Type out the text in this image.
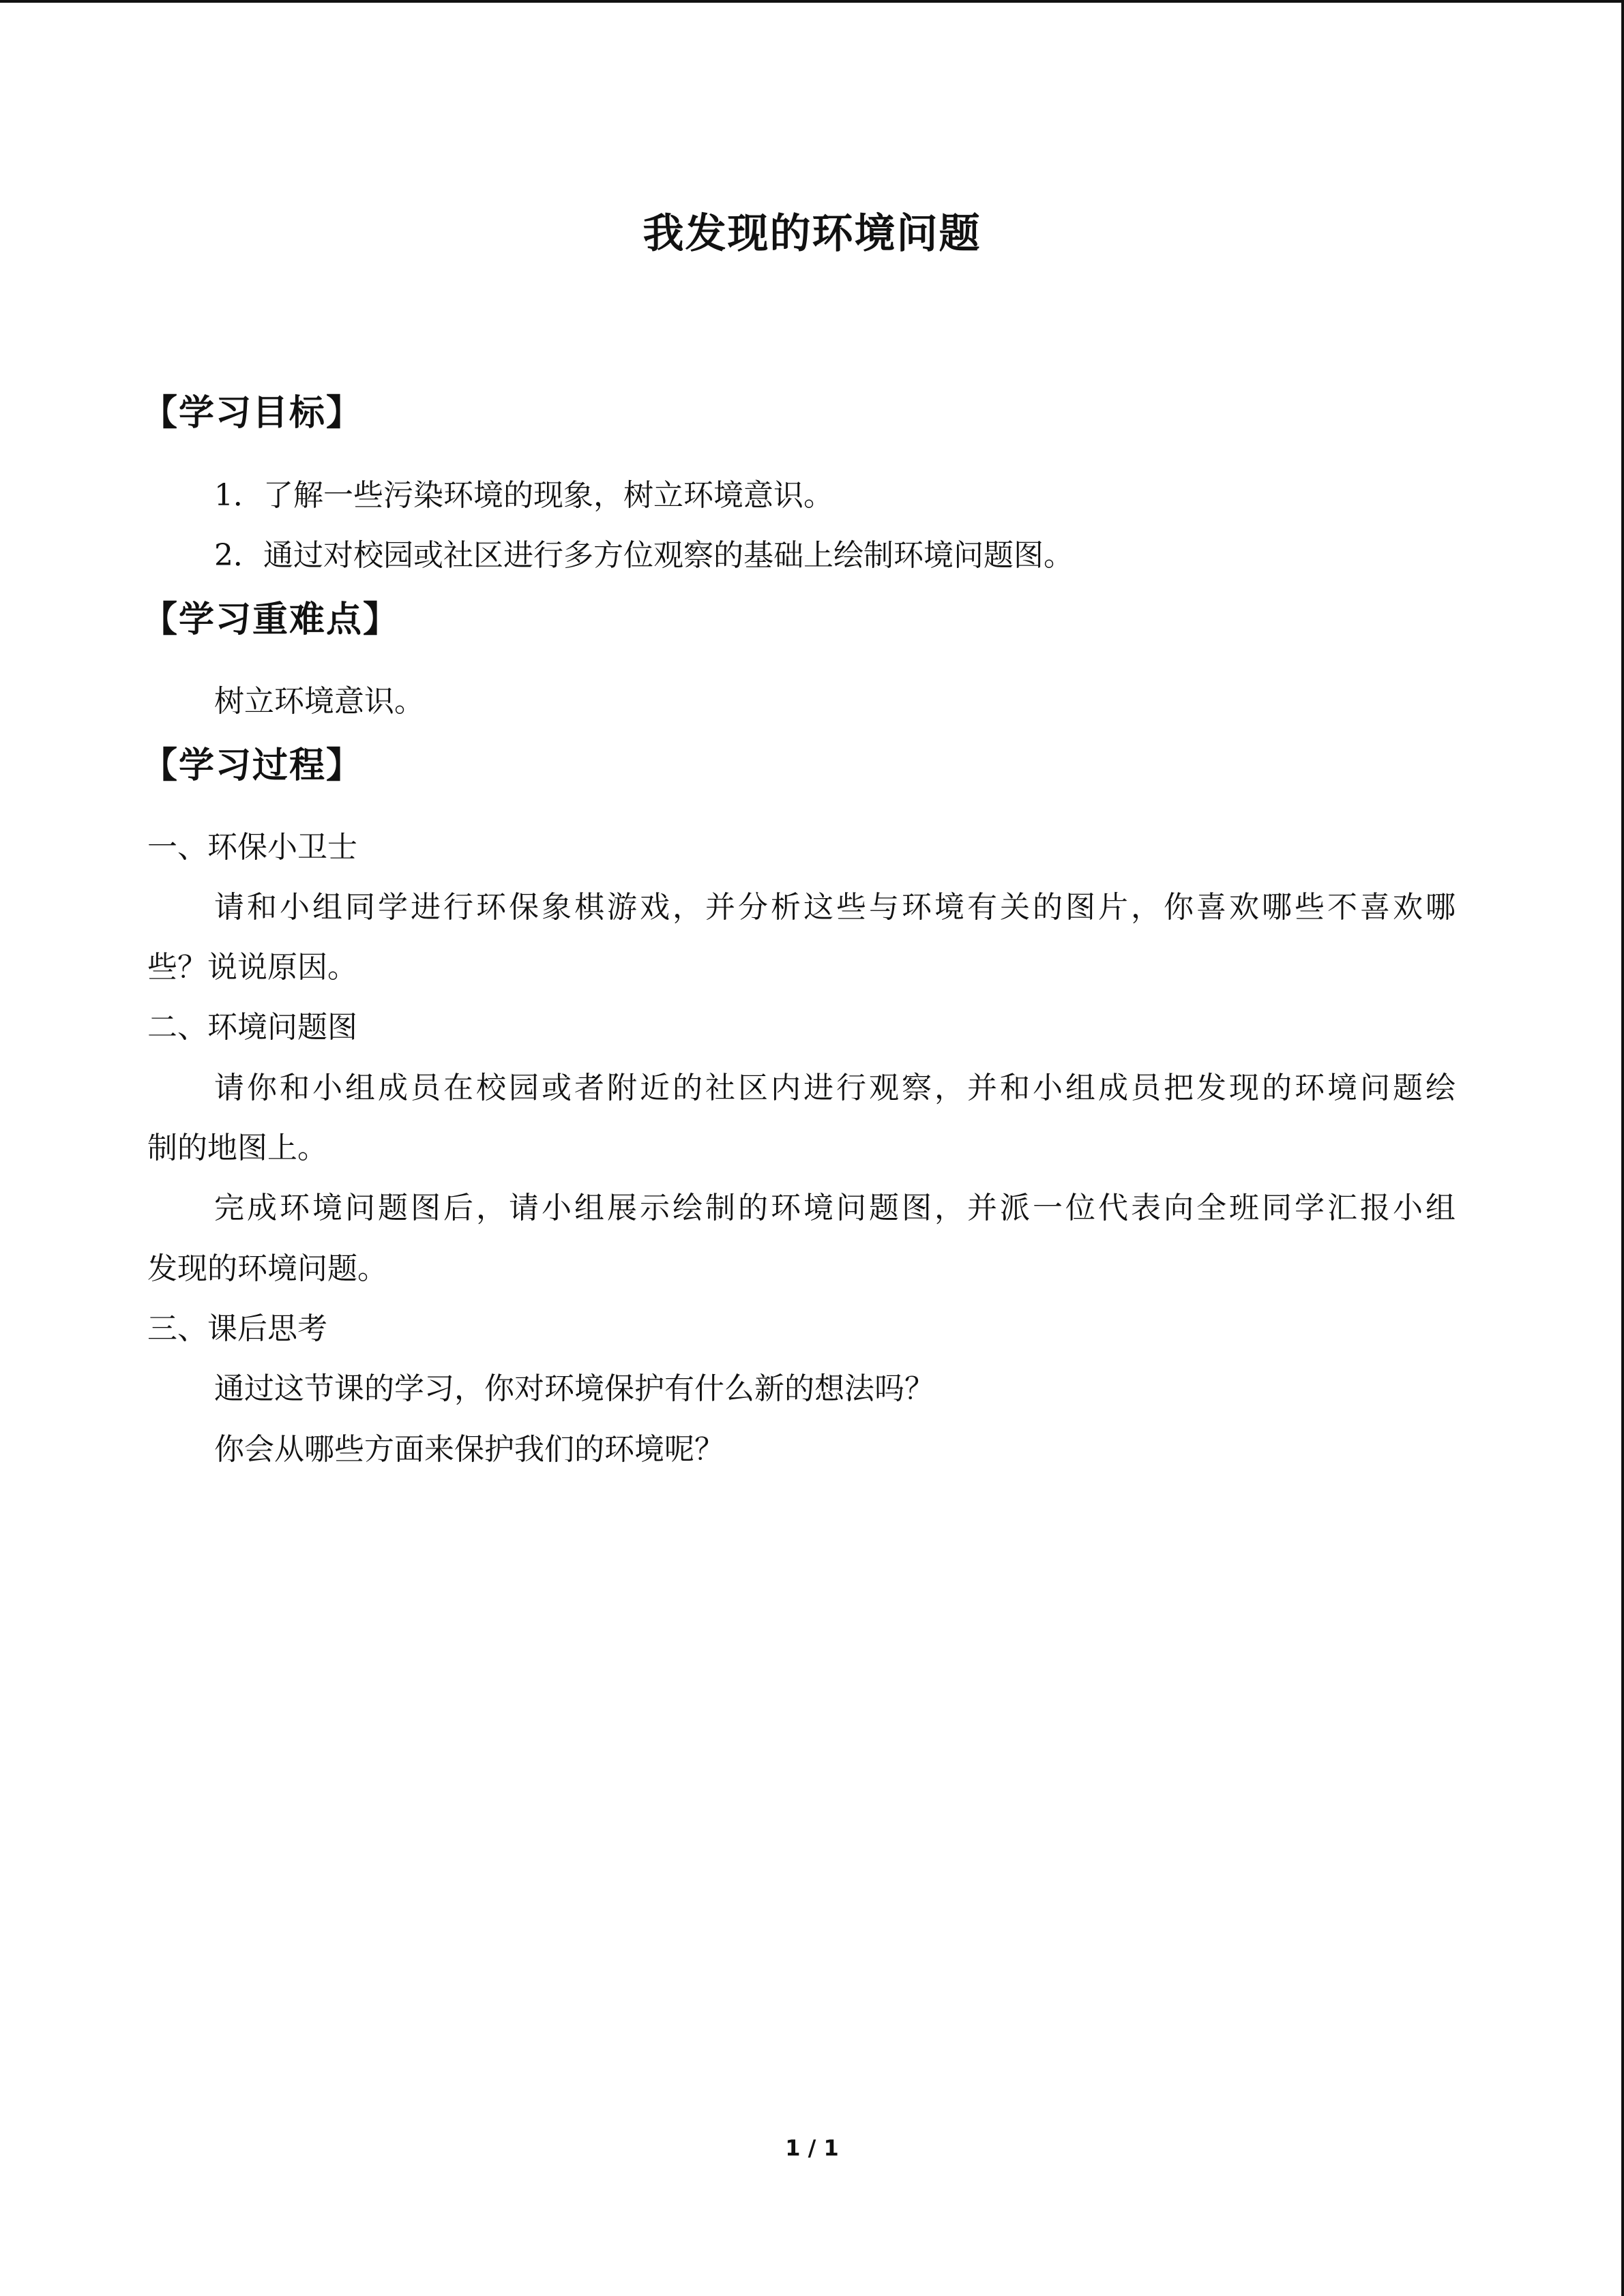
我发现的环境问题
【学习目标】
1．了解一些污染环境的现象，树立环境意识。
2．通过对校园或社区进行多方位观察的基础上绘制环境问题图。
【学习重难点】
树立环境意识。
【学习过程】
一、环保小卫士
请和小组同学进行环保象棋游戏，并分析这些与环境有关的图片，你喜欢哪些不喜欢哪
些？说说原因。
二、环境问题图
请你和小组成员在校园或者附近的社区内进行观察，并和小组成员把发现的环境问题绘
制的地图上。
完成环境问题图后，请小组展示绘制的环境问题图，并派一位代表向全班同学汇报小组
发现的环境问题。
三、课后思考
通过这节课的学习，你对环境保护有什么新的想法吗？
你会从哪些方面来保护我们的环境呢？
1 / 1
